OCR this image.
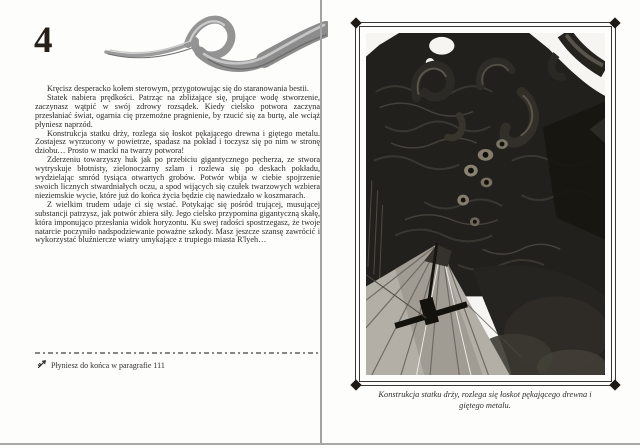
4

Kręcisz desperacko kołem sterowym, przygotowując się do staranowania bestii.

Statek nabiera prędkości. Patrząc na zbliżające się, prujące wodę stworzenie, zaczynasz wątpić w swój zdrowy rozsądek. Kiedy cielsko potwora zaczyna przesłaniać świat, ogarnia cię przemożne pragnienie, by rzucić się za burtę, ale wciąż płyniesz naprzód.

Konstrukcja statku drży, rozlega się łoskot pękającego drewna i giętego metalu. Zostajesz wyrzucony w powietrze, spadasz na pokład i toczysz się po nim w stronę dziobu… Prosto w macki na twarzy potwora!

Zderzeniu towarzyszy huk jak po przebiciu gigantycznego pęcherza, ze stwora wytryskuje błotnisty, zielonoczarny szlam i rozlewa się po deskach pokładu, wydzielając smród tysiąca otwartych grobów. Potwór wbija w ciebie spojrzenie swoich licznych stwardniałych oczu, a spod wijących się czułek twarzowych wzbiera nieziemskie wycie, które już do końca życia będzie cię nawiedzało w koszmarach.

Z wielkim trudem udaje ci się wstać. Potykając się pośród trującej, musującej substancji patrzysz, jak potwór zbiera siły. Jego cielsko przypomina gigantyczną skałę, która imponująco przesłania widok horyzontu. Ku swej radości spostrzegasz, że twoje natarcie poczyniło nadspodziewanie poważne szkody. Masz jeszcze szansę zawrócić i wykorzystać bluźniercze wiatry umykające z trupiego miasta R'lyeh…

Płyniesz do końca w paragrafie 111
Konstrukcja statku drży, rozlega się łoskot pękającego drewna i giętego metalu.
